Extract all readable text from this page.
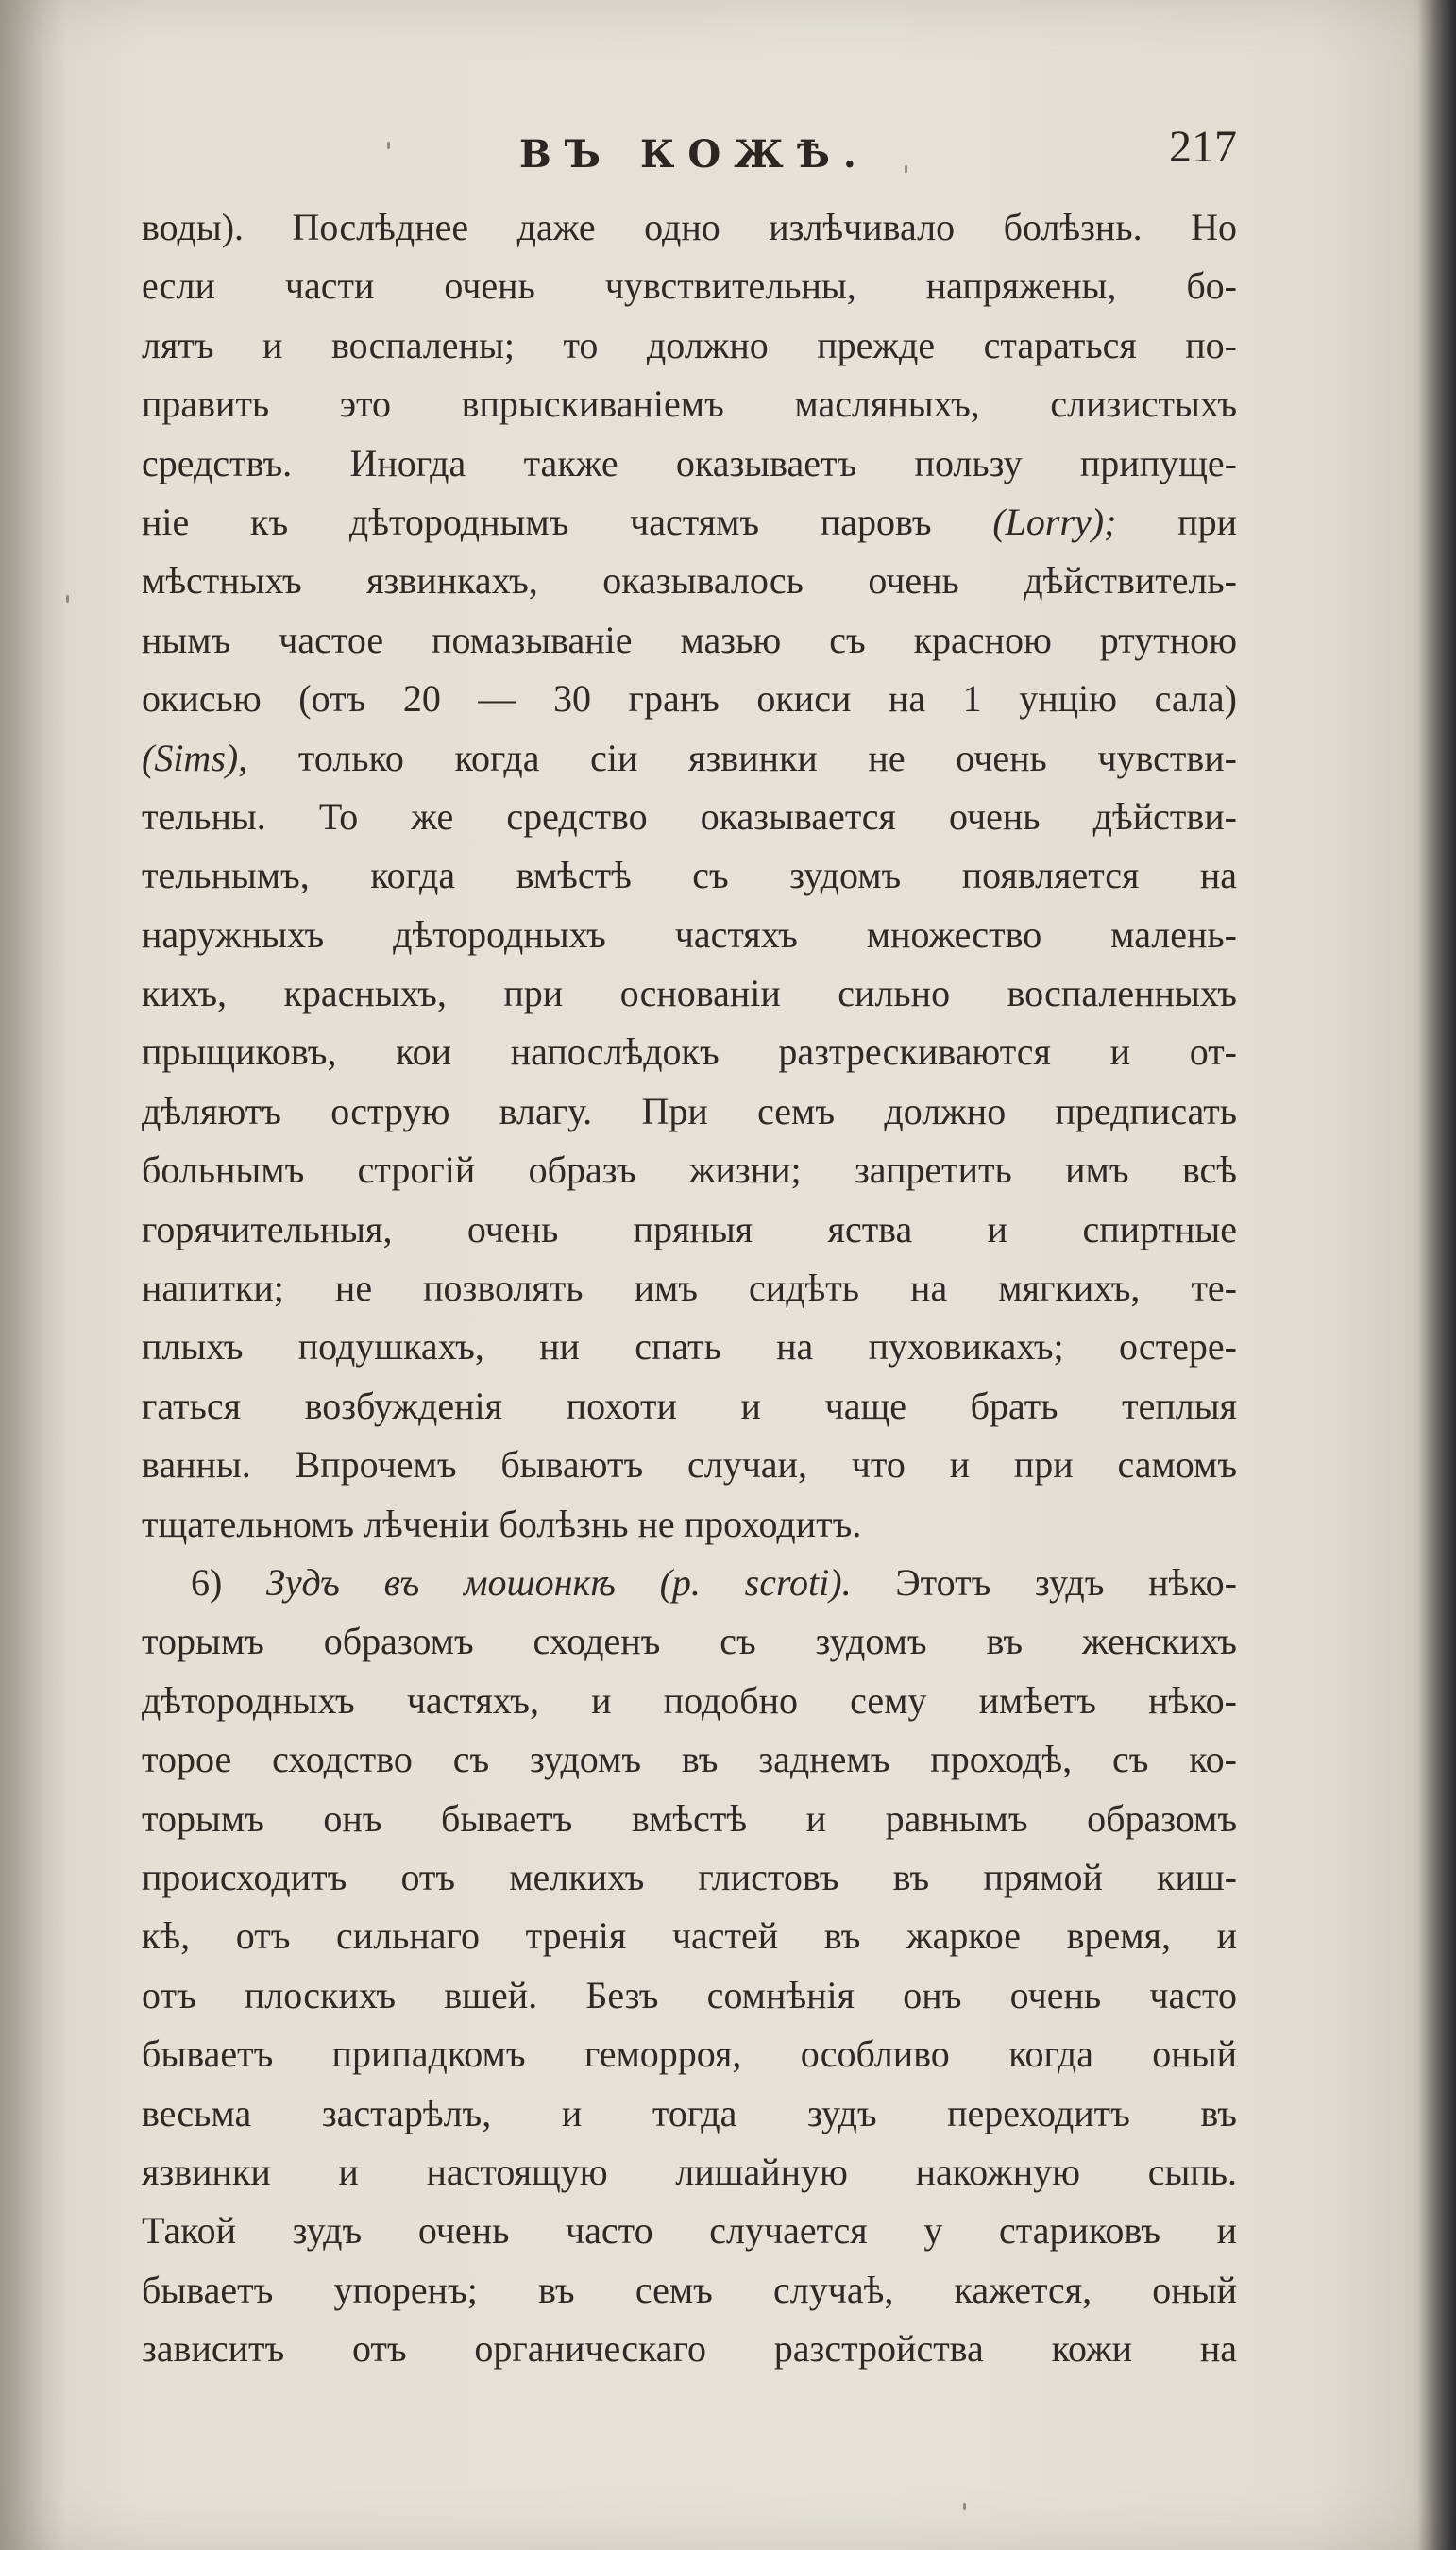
ВЪ КОЖѢ.	217
воды). Послѣднее даже одно излѣчивало болѣзнь. Но
если части очень чувствительны, напряжены, бо-
лятъ и воспалены; то должно прежде стараться по-
править это впрыскиваніемъ масляныхъ, слизистыхъ
средствъ. Иногда также оказываетъ пользу припуще-
ніе къ дѣтороднымъ частямъ паровъ (Lorry); при
мѣстныхъ язвинкахъ, оказывалось очень дѣйствитель-
нымъ частое помазываніе мазью съ красною ртутною
окисью (отъ 20 — 30 гранъ окиси на 1 унцію сала)
(Sims), только когда сіи язвинки не очень чувстви-
тельны. То же средство оказывается очень дѣйстви-
тельнымъ, когда вмѣстѣ съ зудомъ появляется на
наружныхъ дѣтородныхъ частяхъ множество малень-
кихъ, красныхъ, при основаніи сильно воспаленныхъ
прыщиковъ, кои напослѣдокъ разтрескиваются и от-
дѣляютъ острую влагу. При семъ должно предписать
больнымъ строгій образъ жизни; запретить имъ всѣ
горячительныя, очень пряныя яства и спиртные
напитки; не позволять имъ сидѣть на мягкихъ, те-
плыхъ подушкахъ, ни спать на пуховикахъ; остере-
гаться возбужденія похоти и чаще брать теплыя
ванны. Впрочемъ бываютъ случаи, что и при самомъ
тщательномъ лѣченіи болѣзнь не проходитъ.
6) Зудъ въ мошонкѣ (p. scroti). Этотъ зудъ нѣко-
торымъ образомъ сходенъ съ зудомъ въ женскихъ
дѣтородныхъ частяхъ, и подобно сему имѣетъ нѣко-
торое сходство съ зудомъ въ заднемъ проходѣ, съ ко-
торымъ онъ бываетъ вмѣстѣ и равнымъ образомъ
происходитъ отъ мелкихъ глистовъ въ прямой киш-
кѣ, отъ сильнаго тренія частей въ жаркое время, и
отъ плоскихъ вшей. Безъ сомнѣнія онъ очень часто
бываетъ припадкомъ геморроя, особливо когда оный
весьма застарѣлъ, и тогда зудъ переходитъ въ
язвинки и настоящую лишайную накожную сыпь.
Такой зудъ очень часто случается у стариковъ и
бываетъ упоренъ; въ семъ случаѣ, кажется, оный
зависитъ отъ органическаго разстройства кожи на
